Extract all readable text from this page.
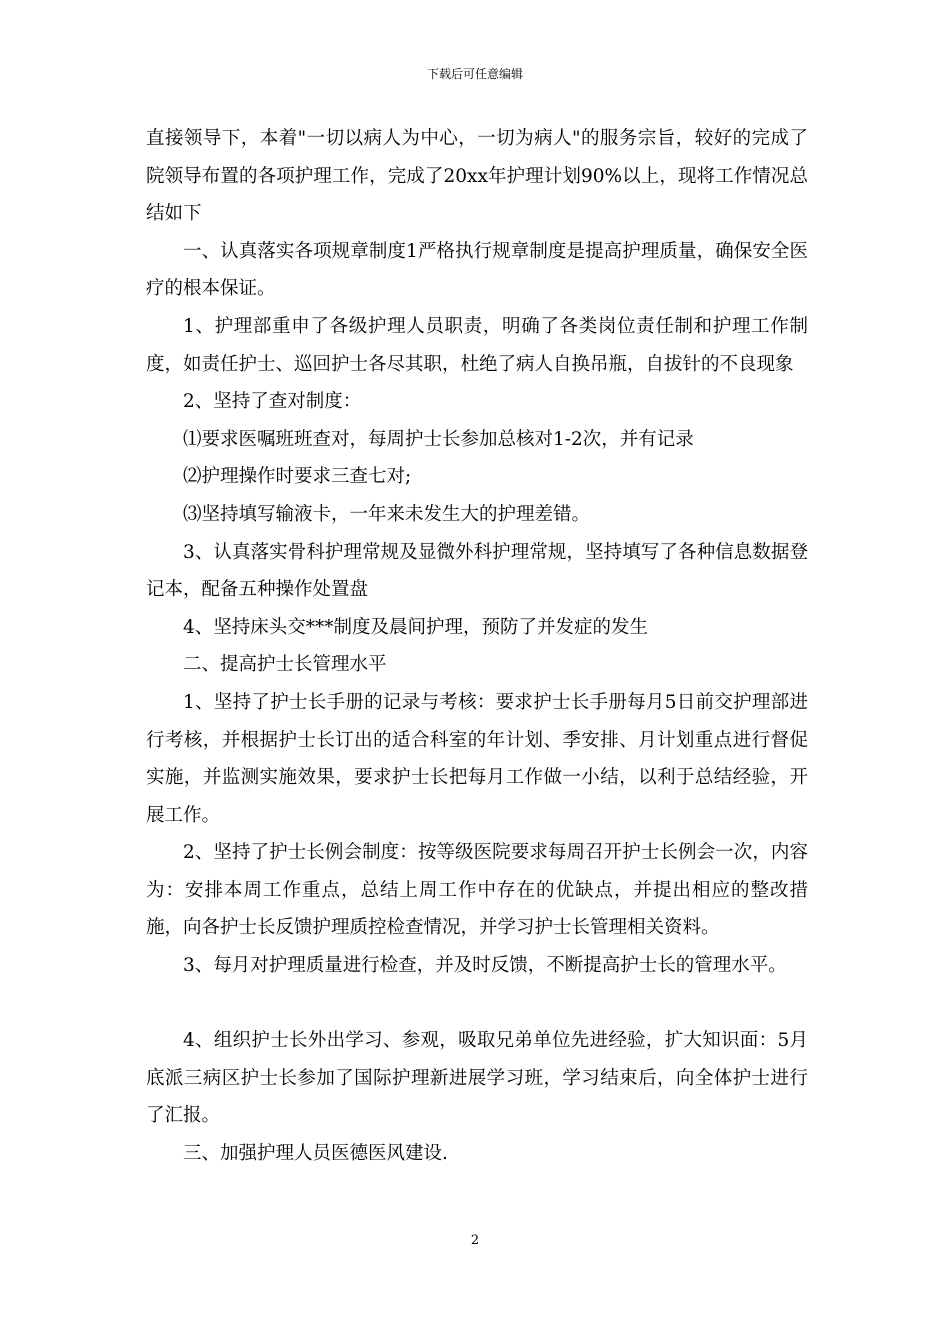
下载后可任意编辑

直接领导下，本着"一切以病人为中心，一切为病人"的服务宗旨，较好的完成了院领导布置的各项护理工作，完成了20xx年护理计划90%以上，现将工作情况总结如下

一、认真落实各项规章制度1严格执行规章制度是提高护理质量，确保安全医疗的根本保证。

1、护理部重申了各级护理人员职责，明确了各类岗位责任制和护理工作制度，如责任护士、巡回护士各尽其职，杜绝了病人自换吊瓶，自拔针的不良现象

2、坚持了查对制度：

⑴要求医嘱班班查对，每周护士长参加总核对1-2次，并有记录

⑵护理操作时要求三查七对;

⑶坚持填写输液卡，一年来未发生大的护理差错。

3、认真落实骨科护理常规及显微外科护理常规，坚持填写了各种信息数据登记本，配备五种操作处置盘

4、坚持床头交***制度及晨间护理，预防了并发症的发生

二、提高护士长管理水平

1、坚持了护士长手册的记录与考核：要求护士长手册每月5日前交护理部进行考核，并根据护士长订出的适合科室的年计划、季安排、月计划重点进行督促实施，并监测实施效果，要求护士长把每月工作做一小结，以利于总结经验，开展工作。

2、坚持了护士长例会制度：按等级医院要求每周召开护士长例会一次，内容为：安排本周工作重点，总结上周工作中存在的优缺点，并提出相应的整改措施，向各护士长反馈护理质控检查情况，并学习护士长管理相关资料。

3、每月对护理质量进行检查，并及时反馈，不断提高护士长的管理水平。

4、组织护士长外出学习、参观，吸取兄弟单位先进经验，扩大知识面：5月底派三病区护士长参加了国际护理新进展学习班，学习结束后，向全体护士进行了汇报。

三、加强护理人员医德医风建设.

2
